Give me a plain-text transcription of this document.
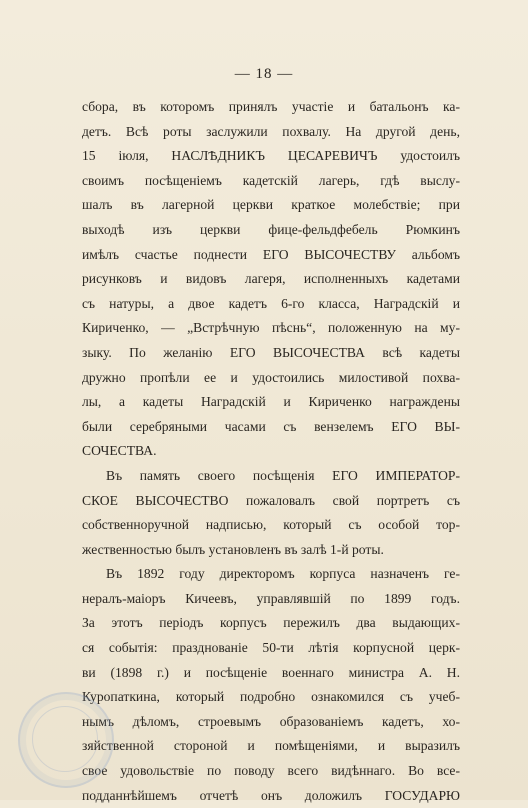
— 18 —
сбора, въ которомъ принялъ участіе и батальонъ ка-
детъ. Всѣ роты заслужили похвалу. На другой день,
15 іюля, НАСЛѢДНИКЪ ЦЕСАРЕВИЧЪ удостоилъ
своимъ посѣщеніемъ кадетскій лагерь, гдѣ выслу-
шалъ въ лагерной церкви краткое молебствіе; при
выходѣ изъ церкви фице-фельдфебель Рюмкинъ
имѣлъ счастье поднести ЕГО ВЫСОЧЕСТВУ альбомъ
рисунковъ и видовъ лагеря, исполненныхъ кадетами
съ натуры, а двое кадетъ 6-го класса, Наградскій и
Кириченко, — „Встрѣчную пѣснь“, положенную на му-
зыку. По желанію ЕГО ВЫСОЧЕСТВА всѣ кадеты
дружно пропѣли ее и удостоились милостивой похва-
лы, а кадеты Наградскій и Кириченко награждены
были серебряными часами съ вензелемъ ЕГО ВЫ-
СОЧЕСТВА.
Въ память своего посѣщенія ЕГО ИМПЕРАТОР-
СКОЕ ВЫСОЧЕСТВО пожаловалъ свой портретъ съ
собственноручной надписью, который съ особой тор-
жественностью былъ установленъ въ залѣ 1-й роты.
Въ 1892 году директоромъ корпуса назначенъ ге-
нералъ-маіоръ Кичеевъ, управлявшій по 1899 годъ.
За этотъ періодъ корпусъ пережилъ два выдающих-
ся событія: празднованіе 50-ти лѣтія корпусной церк-
ви (1898 г.) и посѣщеніе военнаго министра А. Н.
Куропаткина, который подробно ознакомился съ учеб-
нымъ дѣломъ, строевымъ образованіемъ кадетъ, хо-
зяйственной стороной и помѣщеніями, и выразилъ
свое удовольствіе по поводу всего видѣннаго. Во все-
подданнѣйшемъ отчетѣ онъ доложилъ ГОСУДАРЮ
